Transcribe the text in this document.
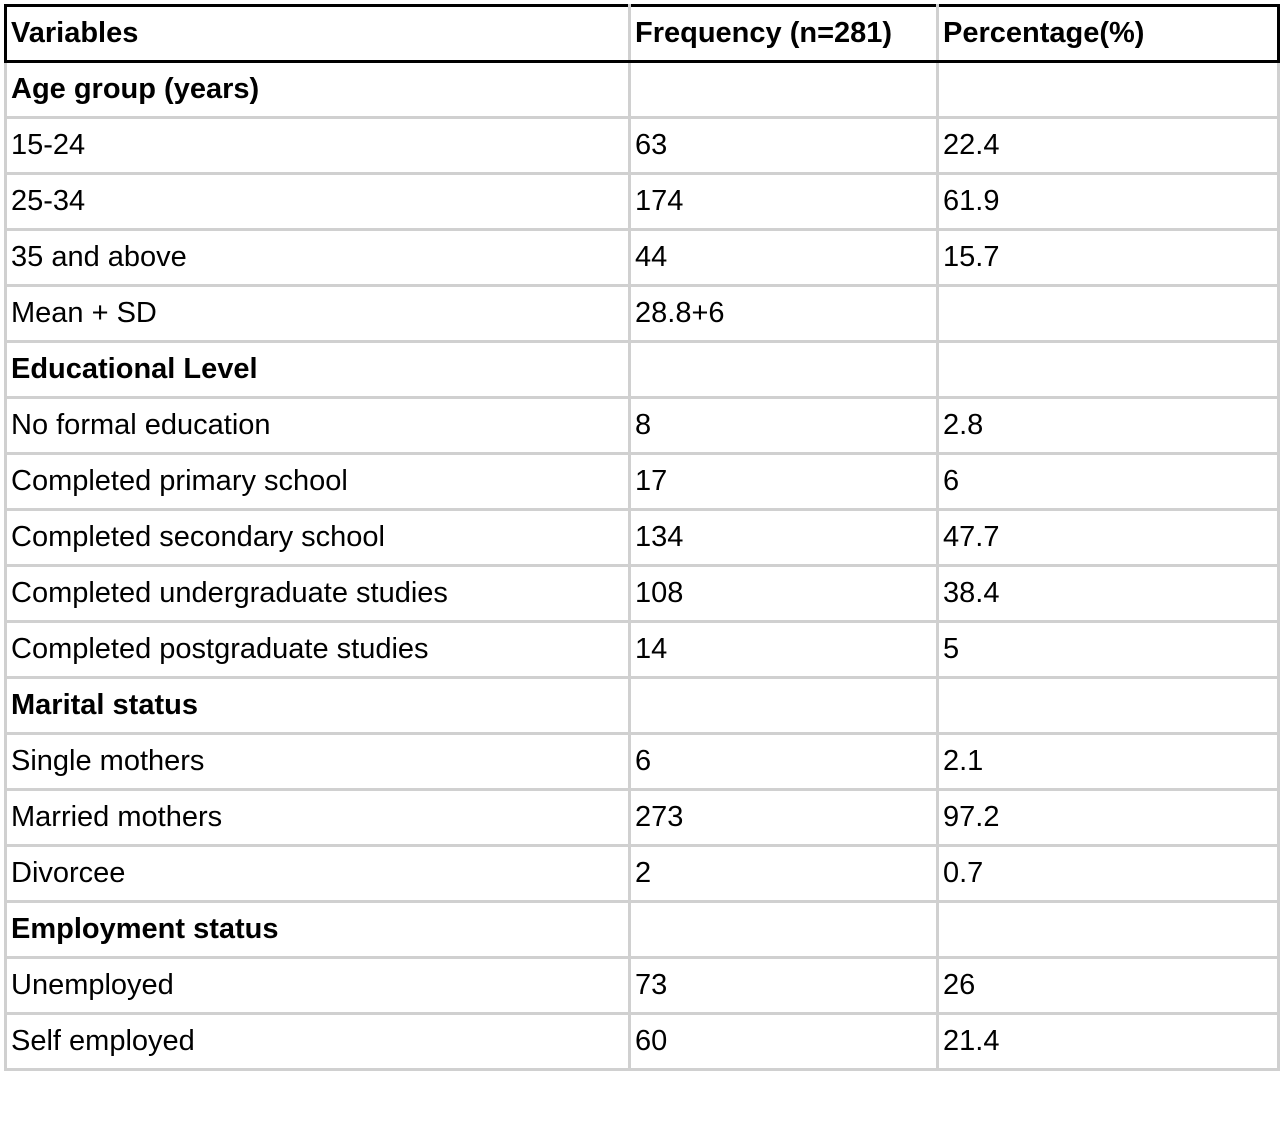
Variables	Frequency (n=281)	Percentage(%)
Age group (years)		
15-24	63	22.4
25-34	174	61.9
35 and above	44	15.7
Mean + SD	28.8+6	
Educational Level		
No formal education	8	2.8
Completed primary school	17	6
Completed secondary school	134	47.7
Completed undergraduate studies	108	38.4
Completed postgraduate studies	14	5
Marital status		
Single mothers	6	2.1
Married mothers	273	97.2
Divorcee	2	0.7
Employment status		
Unemployed	73	26
Self employed	60	21.4
